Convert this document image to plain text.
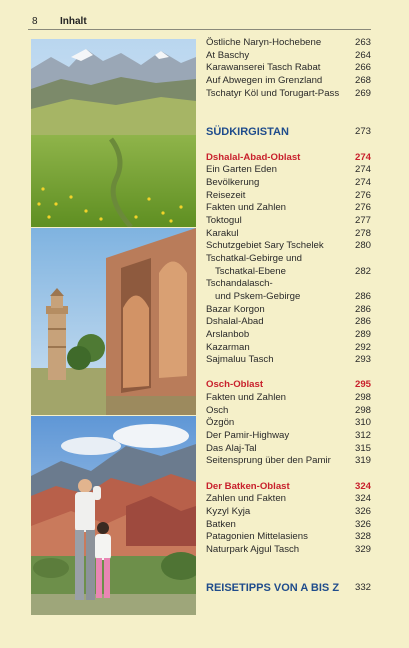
8 Inhalt
Östliche Naryn-Hochebene	263
At Baschy	264
Karawanserei Tasch Rabat	266
Auf Abwegen im Grenzland	268
Tschatyr Köl und Torugart-Pass 269
SÜDKIRGISTAN	273
Dshalal-Abad-Oblast	274
Ein Garten Eden	274
Bevölkerung	274
Reisezeit	276
Fakten und Zahlen	276
Toktogul	277
Karakul	278
Schutzgebiet Sary Tschelek	280
Tschatkal-Gebirge und
Tschatkal-Ebene	282
Tschandalasch-
und Pskem-Gebirge	286
Bazar Korgon	286
Dshalal-Abad	286
Arslanbob	289
Kazarman	292
Sajmaluu Tasch	293
Osch-Oblast	295
Fakten und Zahlen	298
Osch	298
Özgön	310
Der Pamir-Highway	312
Das Alaj-Tal	315
Seitensprung über den Pamir	319
Der Batken-Oblast	324
Zahlen und Fakten	324
Kyzyl Kyja	326
Batken	326
Patagonien Mittelasiens	328
Naturpark Ajgul Tasch	329
REISETIPPS VON A BIS Z 332
